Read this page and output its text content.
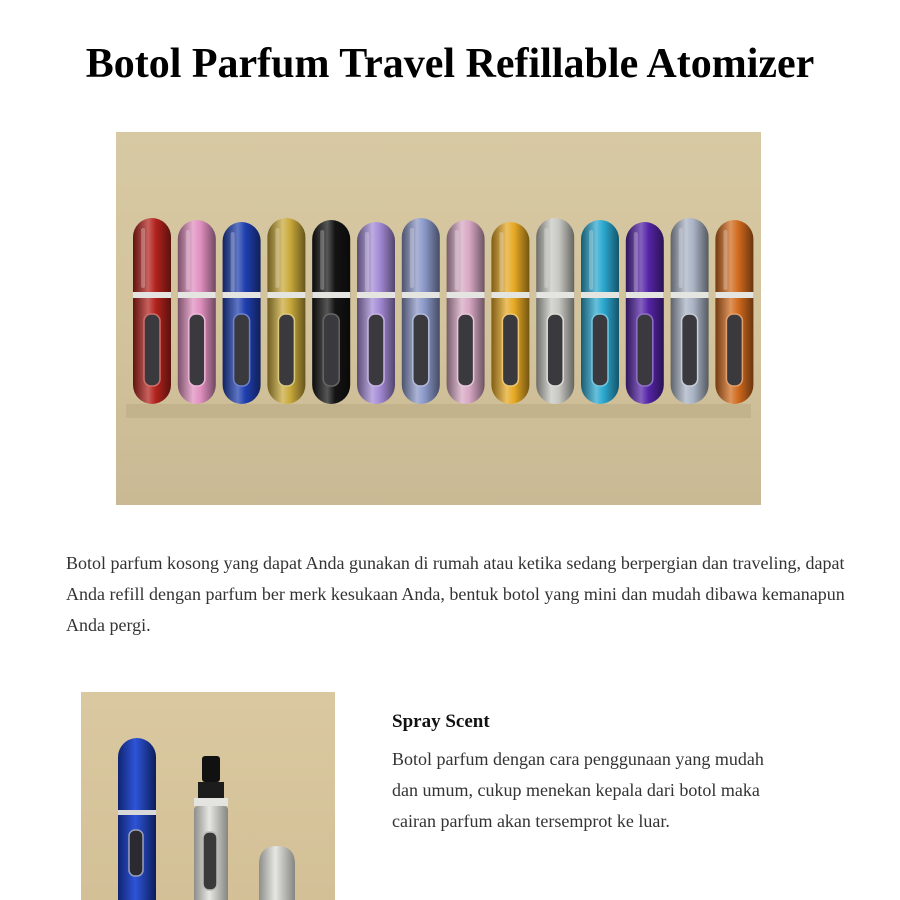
Botol Parfum Travel Refillable Atomizer

Botol parfum kosong yang dapat Anda gunakan di rumah atau ketika sedang berpergian dan traveling, dapat Anda refill dengan parfum ber merk kesukaan Anda, bentuk botol yang mini dan mudah dibawa kemanapun Anda pergi.

Spray Scent

Botol parfum dengan cara penggunaan yang mudah dan umum, cukup menekan kepala dari botol maka cairan parfum akan tersemprot ke luar.
